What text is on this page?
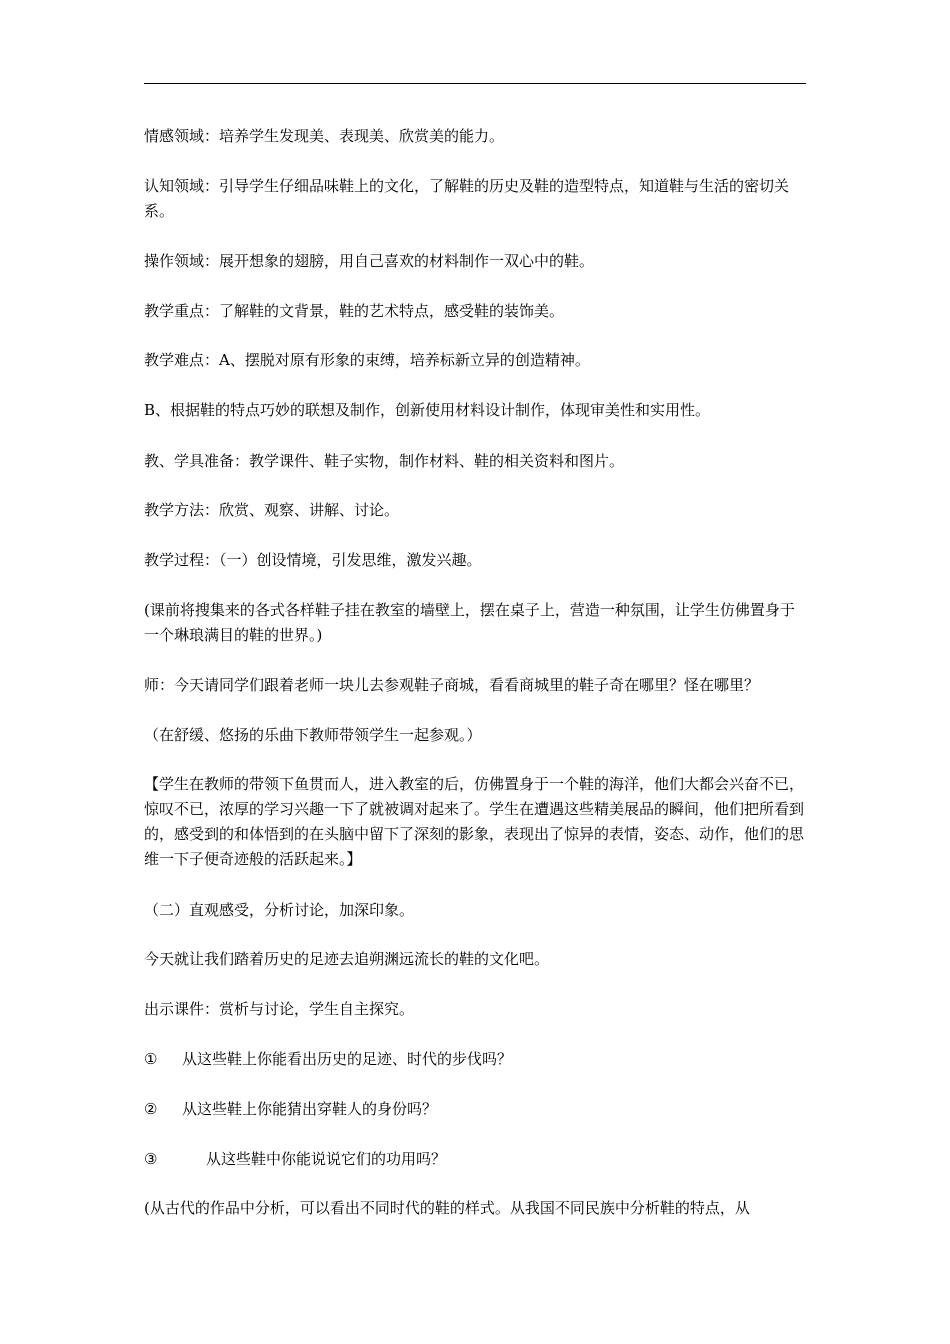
情感领域：培养学生发现美、表现美、欣赏美的能力。

认知领域：引导学生仔细品味鞋上的文化，了解鞋的历史及鞋的造型特点，知道鞋与生活的密切关系。

操作领域：展开想象的翅膀，用自己喜欢的材料制作一双心中的鞋。

教学重点：了解鞋的文背景，鞋的艺术特点，感受鞋的装饰美。

教学难点：A、摆脱对原有形象的束缚，培养标新立异的创造精神。

B、根据鞋的特点巧妙的联想及制作，创新使用材料设计制作，体现审美性和实用性。

教、学具准备：教学课件、鞋子实物，制作材料、鞋的相关资料和图片。

教学方法：欣赏、观察、讲解、讨论。

教学过程：（一）创设情境，引发思维，激发兴趣。

(课前将搜集来的各式各样鞋子挂在教室的墙壁上，摆在桌子上，营造一种氛围，让学生仿佛置身于一个琳琅满目的鞋的世界。)

师：今天请同学们跟着老师一块儿去参观鞋子商城，看看商城里的鞋子奇在哪里？怪在哪里？

（在舒缓、悠扬的乐曲下教师带领学生一起参观。）

【学生在教师的带领下鱼贯而人，进入教室的后，仿佛置身于一个鞋的海洋，他们大都会兴奋不已，惊叹不已，浓厚的学习兴趣一下了就被调对起来了。学生在遭遇这些精美展品的瞬间，他们把所看到的，感受到的和体悟到的在头脑中留下了深刻的影象，表现出了惊异的表情，姿态、动作，他们的思维一下子便奇迹般的活跃起来。】

（二）直观感受，分析讨论，加深印象。

今天就让我们踏着历史的足迹去追朔渊远流长的鞋的文化吧。

出示课件：赏析与讨论，学生自主探究。

① 从这些鞋上你能看出历史的足迹、时代的步伐吗？

② 从这些鞋上你能猜出穿鞋人的身份吗？

③	从这些鞋中你能说说它们的功用吗？

(从古代的作品中分析，可以看出不同时代的鞋的样式。从我国不同民族中分析鞋的特点，从
